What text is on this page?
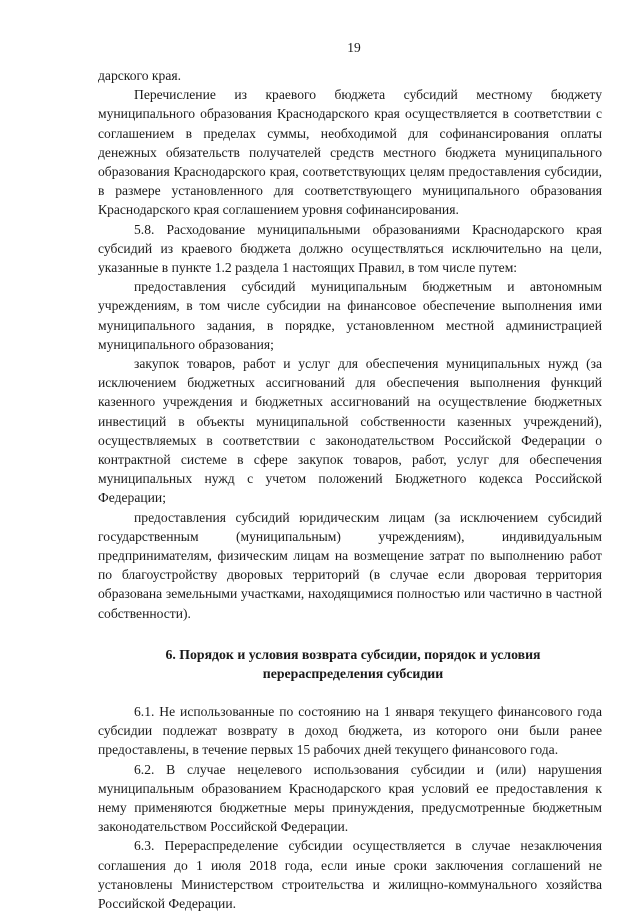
19

дарского края.

Перечисление из краевого бюджета субсидий местному бюджету муниципального образования Краснодарского края осуществляется в соответствии с соглашением в пределах суммы, необходимой для софинансирования оплаты денежных обязательств получателей средств местного бюджета муниципального образования Краснодарского края, соответствующих целям предоставления субсидии, в размере установленного для соответствующего муниципального образования Краснодарского края соглашением уровня софинансирования.

5.8. Расходование муниципальными образованиями Краснодарского края субсидий из краевого бюджета должно осуществляться исключительно на цели, указанные в пункте 1.2 раздела 1 настоящих Правил, в том числе путем:

предоставления субсидий муниципальным бюджетным и автономным учреждениям, в том числе субсидии на финансовое обеспечение выполнения ими муниципального задания, в порядке, установленном местной администрацией муниципального образования;

закупок товаров, работ и услуг для обеспечения муниципальных нужд (за исключением бюджетных ассигнований для обеспечения выполнения функций казенного учреждения и бюджетных ассигнований на осуществление бюджетных инвестиций в объекты муниципальной собственности казенных учреждений), осуществляемых в соответствии с законодательством Российской Федерации о контрактной системе в сфере закупок товаров, работ, услуг для обеспечения муниципальных нужд с учетом положений Бюджетного кодекса Российской Федерации;

предоставления субсидий юридическим лицам (за исключением субсидий государственным (муниципальным) учреждениям), индивидуальным предпринимателям, физическим лицам на возмещение затрат по выполнению работ по благоустройству дворовых территорий (в случае если дворовая территория образована земельными участками, находящимися полностью или частично в частной собственности).

6. Порядок и условия возврата субсидии, порядок и условия
перераспределения субсидии

6.1. Не использованные по состоянию на 1 января текущего финансового года субсидии подлежат возврату в доход бюджета, из которого они были ранее предоставлены, в течение первых 15 рабочих дней текущего финансового года.

6.2. В случае нецелевого использования субсидии и (или) нарушения муниципальным образованием Краснодарского края условий ее предоставления к нему применяются бюджетные меры принуждения, предусмотренные бюджетным законодательством Российской Федерации.

6.3. Перераспределение субсидии осуществляется в случае незаключения соглашения до 1 июля 2018 года, если иные сроки заключения соглашений не установлены Министерством строительства и жилищно-коммунального хозяйства Российской Федерации.
